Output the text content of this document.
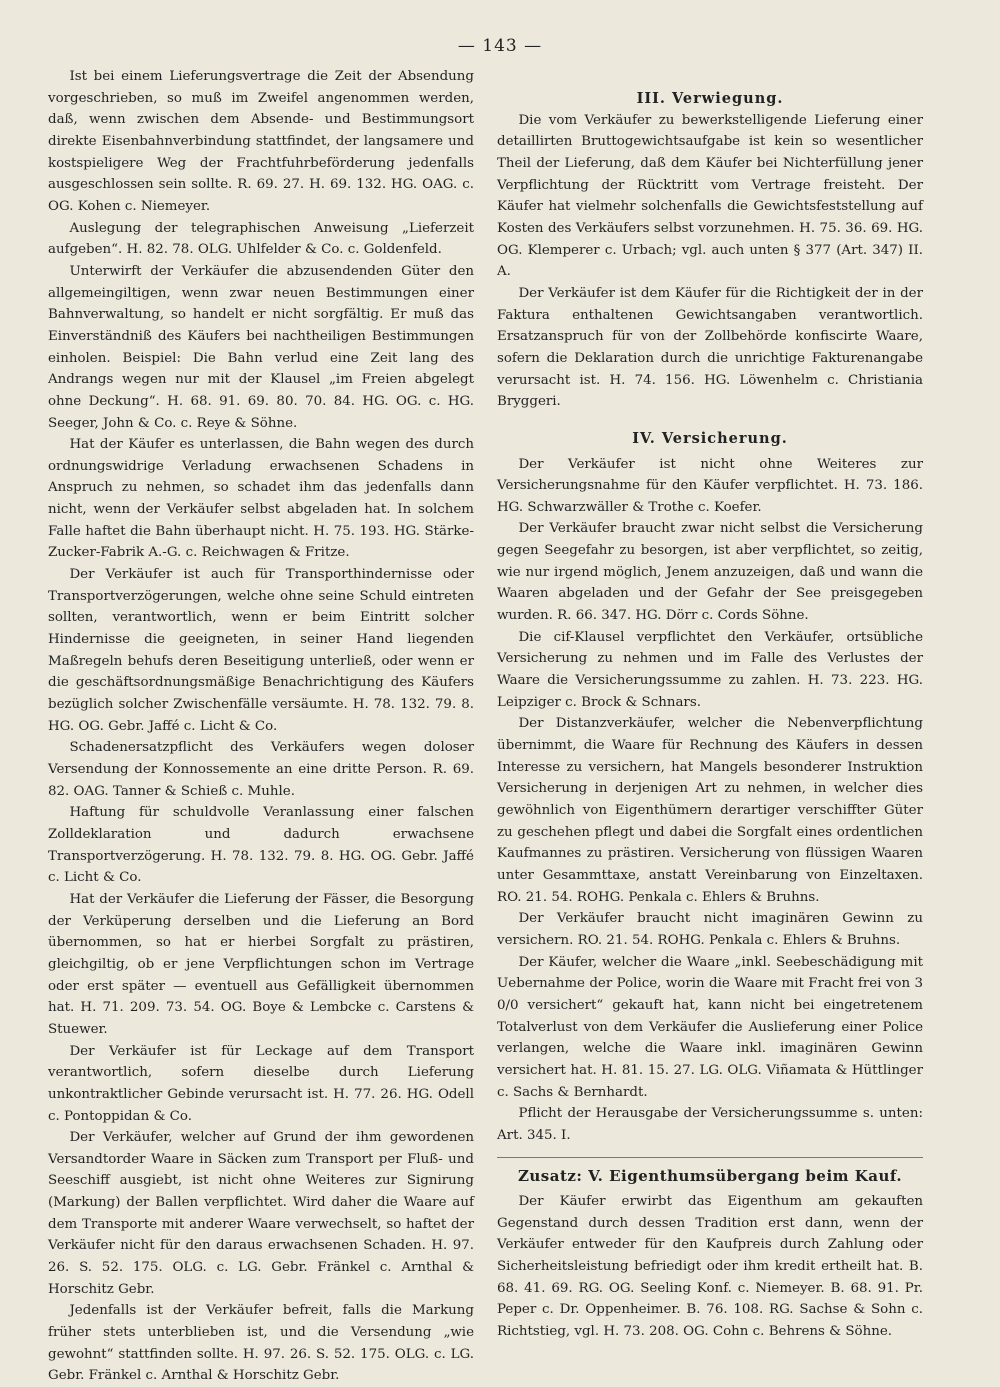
— 143 —

Ist bei einem Lieferungsvertrage die Zeit der Absendung vorgeschrieben, so muß im Zweifel angenommen werden, daß, wenn zwischen dem Absende- und Bestimmungsort direkte Eisenbahnverbindung stattfindet, der langsamere und kostspieligere Weg der Frachtfuhrbeförderung jedenfalls ausgeschlossen sein sollte. R. 69. 27. H. 69. 132. HG. OAG. c. OG. Kohen c. Niemeyer.

Auslegung der telegraphischen Anweisung „Lieferzeit aufgeben“. H. 82. 78. OLG. Uhlfelder & Co. c. Goldenfeld.

Unterwirft der Verkäufer die abzusendenden Güter den allgemeingiltigen, wenn zwar neuen Bestimmungen einer Bahnverwaltung, so handelt er nicht sorgfältig. Er muß das Einverständniß des Käufers bei nachtheiligen Bestimmungen einholen. Beispiel: Die Bahn verlud eine Zeit lang des Andrangs wegen nur mit der Klausel „im Freien abgelegt ohne Deckung“. H. 68. 91. 69. 80. 70. 84. HG. OG. c. HG. Seeger, John & Co. c. Reye & Söhne.

Hat der Käufer es unterlassen, die Bahn wegen des durch ordnungswidrige Verladung erwachsenen Schadens in Anspruch zu nehmen, so schadet ihm das jedenfalls dann nicht, wenn der Verkäufer selbst abgeladen hat. In solchem Falle haftet die Bahn überhaupt nicht. H. 75. 193. HG. Stärke-Zucker-Fabrik A.-G. c. Reichwagen & Fritze.

Der Verkäufer ist auch für Transporthindernisse oder Transportverzögerungen, welche ohne seine Schuld eintreten sollten, verantwortlich, wenn er beim Eintritt solcher Hindernisse die geeigneten, in seiner Hand liegenden Maßregeln behufs deren Beseitigung unterließ, oder wenn er die geschäftsordnungsmäßige Benachrichtigung des Käufers bezüglich solcher Zwischenfälle versäumte. H. 78. 132. 79. 8. HG. OG. Gebr. Jaffé c. Licht & Co.

Schadenersatzpflicht des Verkäufers wegen doloser Versendung der Konnossemente an eine dritte Person. R. 69. 82. OAG. Tanner & Schieß c. Muhle.

Haftung für schuldvolle Veranlassung einer falschen Zolldeklaration und dadurch erwachsene Transportverzögerung. H. 78. 132. 79. 8. HG. OG. Gebr. Jaffé c. Licht & Co.

Hat der Verkäufer die Lieferung der Fässer, die Besorgung der Verküperung derselben und die Lieferung an Bord übernommen, so hat er hierbei Sorgfalt zu prästiren, gleichgiltig, ob er jene Verpflichtungen schon im Vertrage oder erst später — eventuell aus Gefälligkeit übernommen hat. H. 71. 209. 73. 54. OG. Boye & Lembcke c. Carstens & Stuewer.

Der Verkäufer ist für Leckage auf dem Transport verantwortlich, sofern dieselbe durch Lieferung unkontraktlicher Gebinde verursacht ist. H. 77. 26. HG. Odell c. Pontoppidan & Co.

Der Verkäufer, welcher auf Grund der ihm gewordenen Versandtorder Waare in Säcken zum Transport per Fluß- und Seeschiff ausgiebt, ist nicht ohne Weiteres zur Signirung (Markung) der Ballen verpflichtet. Wird daher die Waare auf dem Transporte mit anderer Waare verwechselt, so haftet der Verkäufer nicht für den daraus erwachsenen Schaden. H. 97. 26. S. 52. 175. OLG. c. LG. Gebr. Fränkel c. Arnthal & Horschitz Gebr.

Jedenfalls ist der Verkäufer befreit, falls die Markung früher stets unterblieben ist, und die Versendung „wie gewohnt“ stattfinden sollte. H. 97. 26. S. 52. 175. OLG. c. LG. Gebr. Fränkel c. Arnthal & Horschitz Gebr.

III. Verwiegung.

Die vom Verkäufer zu bewerkstelligende Lieferung einer detaillirten Bruttogewichtsaufgabe ist kein so wesentlicher Theil der Lieferung, daß dem Käufer bei Nichterfüllung jener Verpflichtung der Rücktritt vom Vertrage freisteht. Der Käufer hat vielmehr solchenfalls die Gewichtsfeststellung auf Kosten des Verkäufers selbst vorzunehmen. H. 75. 36. 69. HG. OG. Klemperer c. Urbach; vgl. auch unten § 377 (Art. 347) II. A.

Der Verkäufer ist dem Käufer für die Richtigkeit der in der Faktura enthaltenen Gewichtsangaben verantwortlich. Ersatzanspruch für von der Zollbehörde konfiscirte Waare, sofern die Deklaration durch die unrichtige Fakturenangabe verursacht ist. H. 74. 156. HG. Löwenhelm c. Christiania Bryggeri.

IV. Versicherung.

Der Verkäufer ist nicht ohne Weiteres zur Versicherungsnahme für den Käufer verpflichtet. H. 73. 186. HG. Schwarzwäller & Trothe c. Koefer.

Der Verkäufer braucht zwar nicht selbst die Versicherung gegen Seegefahr zu besorgen, ist aber verpflichtet, so zeitig, wie nur irgend möglich, Jenem anzuzeigen, daß und wann die Waaren abgeladen und der Gefahr der See preisgegeben wurden. R. 66. 347. HG. Dörr c. Cords Söhne.

Die cif-Klausel verpflichtet den Verkäufer, ortsübliche Versicherung zu nehmen und im Falle des Verlustes der Waare die Versicherungssumme zu zahlen. H. 73. 223. HG. Leipziger c. Brock & Schnars.

Der Distanzverkäufer, welcher die Nebenverpflichtung übernimmt, die Waare für Rechnung des Käufers in dessen Interesse zu versichern, hat Mangels besonderer Instruktion Versicherung in derjenigen Art zu nehmen, in welcher dies gewöhnlich von Eigenthümern derartiger verschiffter Güter zu geschehen pflegt und dabei die Sorgfalt eines ordentlichen Kaufmannes zu prästiren. Versicherung von flüssigen Waaren unter Gesammttaxe, anstatt Vereinbarung von Einzeltaxen. RO. 21. 54. ROHG. Penkala c. Ehlers & Bruhns.

Der Verkäufer braucht nicht imaginären Gewinn zu versichern. RO. 21. 54. ROHG. Penkala c. Ehlers & Bruhns.

Der Käufer, welcher die Waare „inkl. Seebeschädigung mit Uebernahme der Police, worin die Waare mit Fracht frei von 3 0/0 versichert“ gekauft hat, kann nicht bei eingetretenem Totalverlust von dem Verkäufer die Auslieferung einer Police verlangen, welche die Waare inkl. imaginären Gewinn versichert hat. H. 81. 15. 27. LG. OLG. Viñamata & Hüttlinger c. Sachs & Bernhardt.

Pflicht der Herausgabe der Versicherungssumme s. unten: Art. 345. I.

Zusatz: V. Eigenthumsübergang beim Kauf.

Der Käufer erwirbt das Eigenthum am gekauften Gegenstand durch dessen Tradition erst dann, wenn der Verkäufer entweder für den Kaufpreis durch Zahlung oder Sicherheitsleistung befriedigt oder ihm kredit ertheilt hat. B. 68. 41. 69. RG. OG. Seeling Konf. c. Niemeyer. B. 68. 91. Pr. Peper c. Dr. Oppenheimer. B. 76. 108. RG. Sachse & Sohn c. Richtstieg, vgl. H. 73. 208. OG. Cohn c. Behrens & Söhne.
